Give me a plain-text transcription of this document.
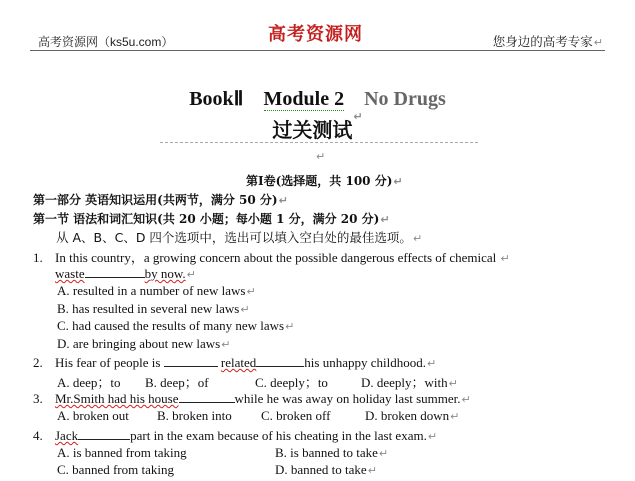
高考资源网（ks5u.com）	高考资源网	您身边的高考专家↵
BookⅡ Module 2 No Drugs
过关测试↵
↵
第Ⅰ卷(选择题，共 100 分)↵
第一部分 英语知识运用(共两节，满分 50 分)↵
第一节 语法和词汇知识(共 20 小题；每小题 1 分，满分 20 分)↵
从 A、B、C、D 四个选项中，选出可以填入空白处的最佳选项。↵
1. In this country，a growing concern about the possible dangerous effects of chemical ↵
waste	by now.↵
A. resulted in a number of new laws↵
B. has resulted in several new laws↵
C. had caused the results of many new laws↵
D. are bringing about new laws↵
2. His fear of people is	related	his unhappy childhood.↵
A. deep；to B. deep；of	C. deeply；to	D. deeply；with↵
3. Mr.Smith had his house	while he was away on holiday last summer.↵
A. broken out B. broken into C. broken off	D. broken down↵
4. Jack	part in the exam because of his cheating in the last exam.↵
A. is banned from taking	B. is banned to take↵
C. banned from taking	D. banned to take↵
